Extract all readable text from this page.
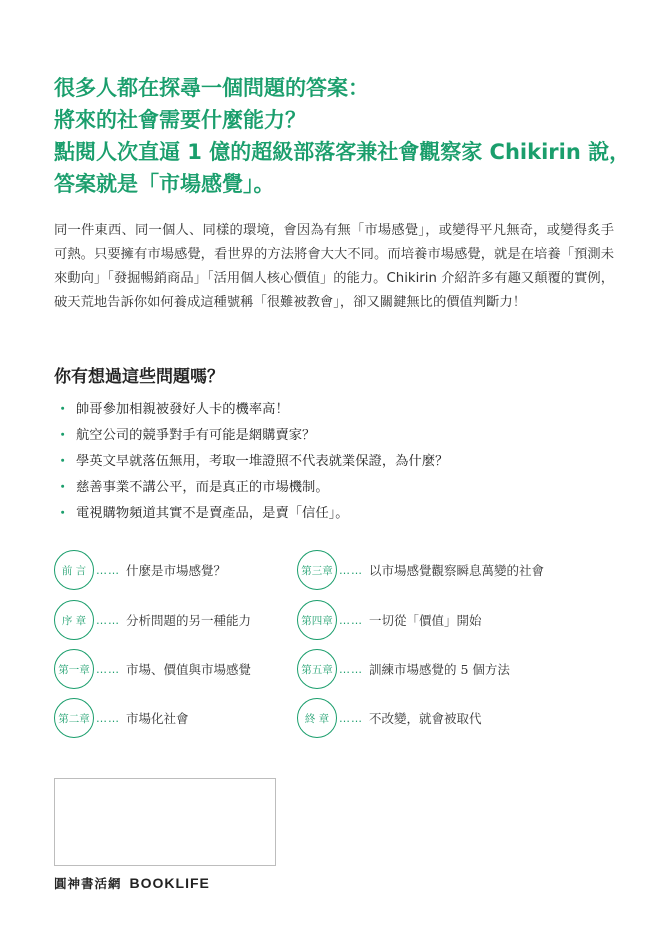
很多人都在探尋一個問題的答案：
將來的社會需要什麼能力？
點閱人次直逼 1 億的超級部落客兼社會觀察家 Chikirin 說，
答案就是「市場感覺」。

同一件東西、同一個人、同樣的環境，會因為有無「市場感覺」，或變得平凡無奇，或變得炙手可熱。只要擁有市場感覺，看世界的方法將會大大不同。而培養市場感覺，就是在培養「預測未來動向」「發掘暢銷商品」「活用個人核心價值」的能力。Chikirin 介紹許多有趣又顛覆的實例，破天荒地告訴你如何養成這種號稱「很難被教會」，卻又關鍵無比的價值判斷力！

你有想過這些問題嗎？
・ 帥哥參加相親被發好人卡的機率高！
・ 航空公司的競爭對手有可能是網購賣家？
・ 學英文早就落伍無用，考取一堆證照不代表就業保證，為什麼？
・ 慈善事業不講公平，而是真正的市場機制。
・ 電視購物頻道其實不是賣產品，是賣「信任」。
前 言 …… 什麼是市場感覺？
序 章 …… 分析問題的另一種能力
第一章 …… 市場、價值與市場感覺
第二章 …… 市場化社會
第三章 …… 以市場感覺觀察瞬息萬變的社會
第四章 …… 一切從「價值」開始
第五章 …… 訓練市場感覺的 5 個方法
終 章 …… 不改變，就會被取代
圓神書活網 BOOKLIFE
